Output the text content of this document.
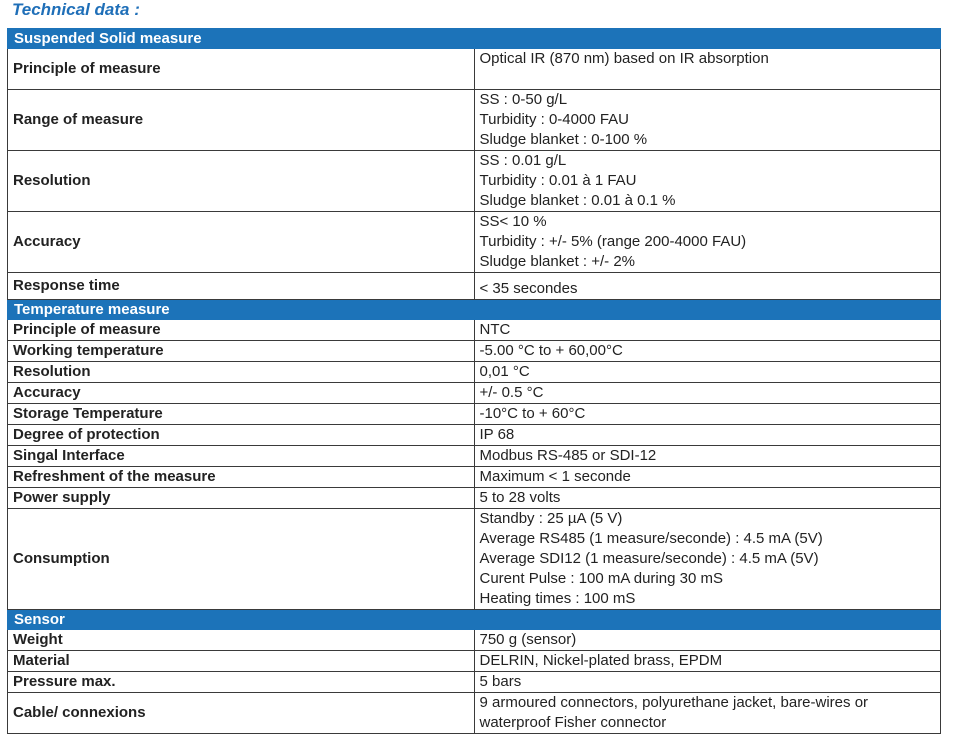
Technical data :
Suspended Solid measure	
Principle of measure	Optical IR (870 nm) based on IR absorption

Range of measure	SS : 0-50 g/L
Turbidity : 0-4000 FAU
Sludge blanket : 0-100 %

Resolution	SS : 0.01 g/L
Turbidity : 0.01 à 1 FAU
Sludge blanket : 0.01 à 0.1 %

Accuracy	SS< 10 %
Turbidity : +/- 5% (range 200-4000 FAU)
Sludge blanket : +/- 2%

Response time	< 35 secondes

Temperature measure	
Principle of measure	NTC

Working temperature	-5.00 °C to + 60,00°C

Resolution	0,01 °C

Accuracy	+/- 0.5 °C

Storage Temperature	-10°C to + 60°C

Degree of protection	IP 68

Singal Interface	Modbus RS-485 or SDI-12

Refreshment of the measure	Maximum < 1 seconde

Power supply	5 to 28 volts

Consumption	Standby : 25 µA (5 V)
Average RS485 (1 measure/seconde) : 4.5 mA (5V)
Average SDI12 (1 measure/seconde) : 4.5 mA (5V)
Curent Pulse : 100 mA during 30 mS
Heating times : 100 mS

Sensor	
Weight	750 g (sensor)

Material	DELRIN, Nickel-plated brass, EPDM

Pressure max.	5 bars

Cable/ connexions	9 armoured connectors, polyurethane jacket, bare-wires or
waterproof Fisher connector
